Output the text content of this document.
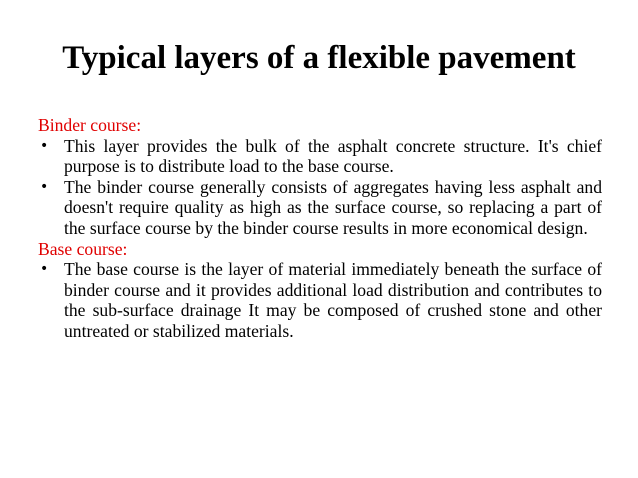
Typical layers of a flexible pavement

Binder course:

• This layer provides the bulk of the asphalt concrete structure. It's chief purpose is to distribute load to the base course.

• The binder course generally consists of aggregates having less asphalt and doesn't require quality as high as the surface course, so replacing a part of the surface course by the binder course results in more economical design.

Base course:

• The base course is the layer of material immediately beneath the surface of binder course and it provides additional load distribution and contributes to the sub-surface drainage It may be composed of crushed stone and other untreated or stabilized materials.
